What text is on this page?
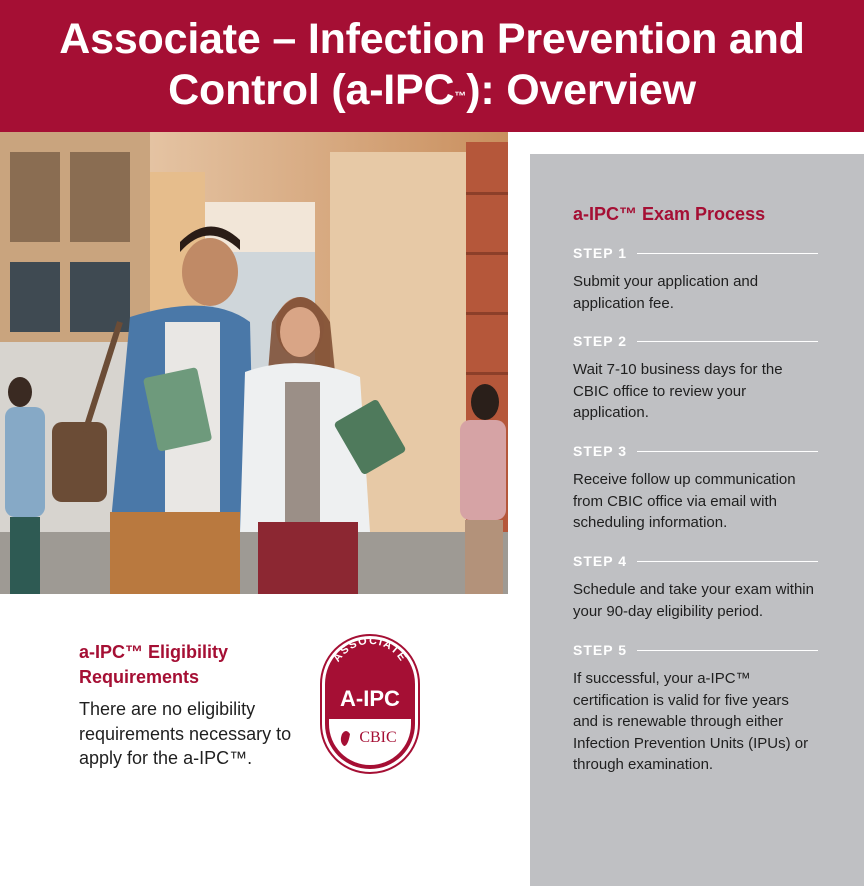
Associate – Infection Prevention and
Control (a-IPC™): Overview
a-IPC™ Exam Process
STEP 1

Submit your application and application fee.

STEP 2

Wait 7-10 business days for the CBIC office to review your application.

STEP 3

Receive follow up communication from CBIC office via email with scheduling information.

STEP 4

Schedule and take your exam within your 90-day eligibility period.

STEP 5

If successful, your a-IPC™ certification is valid for five years and is renewable through either Infection Prevention Units (IPUs) or through examination.

a-IPC™ Eligibility Requirements

There are no eligibility requirements necessary to apply for the a-IPC™.

ASSOCIATE
A-IPC
CBIC
